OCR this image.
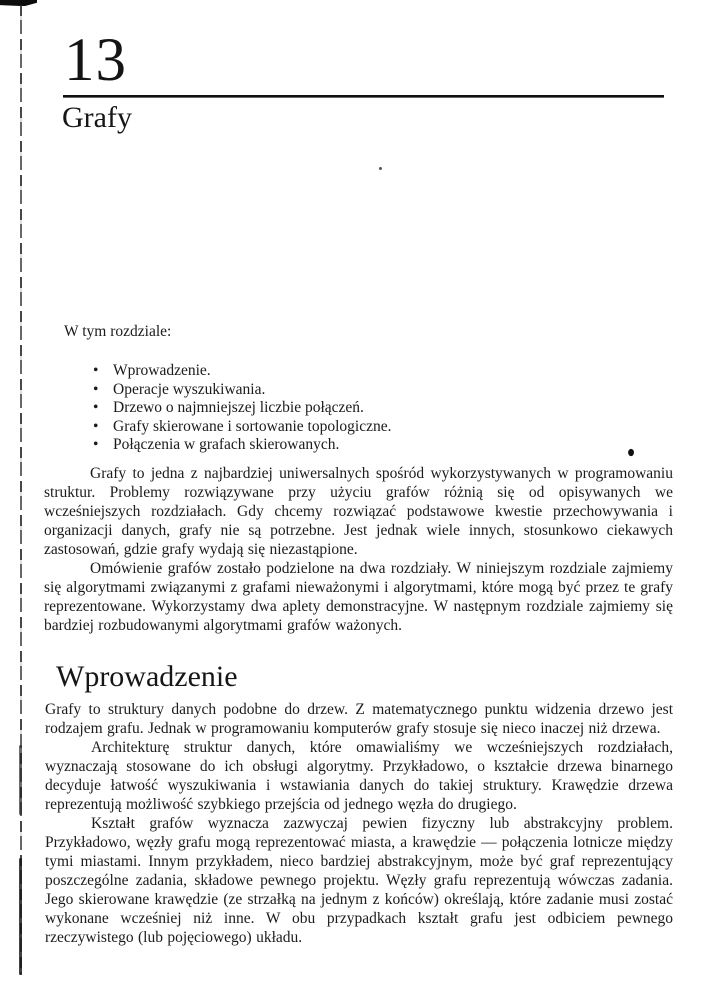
13
Grafy

W tym rozdziale:

• Wprowadzenie.
• Operacje wyszukiwania.
• Drzewo o najmniejszej liczbie połączeń.
• Grafy skierowane i sortowanie topologiczne.
• Połączenia w grafach skierowanych.

Grafy to jedna z najbardziej uniwersalnych spośród wykorzystywanych w programowaniu struktur. Problemy rozwiązywane przy użyciu grafów różnią się od opisywanych we wcześniejszych rozdziałach. Gdy chcemy rozwiązać podstawowe kwestie przechowywania i organizacji danych, grafy nie są potrzebne. Jest jednak wiele innych, stosunkowo ciekawych zastosowań, gdzie grafy wydają się niezastąpione.

Omówienie grafów zostało podzielone na dwa rozdziały. W niniejszym rozdziale zajmiemy się algorytmami związanymi z grafami nieważonymi i algorytmami, które mogą być przez te grafy reprezentowane. Wykorzystamy dwa aplety demonstracyjne. W następnym rozdziale zajmiemy się bardziej rozbudowanymi algorytmami grafów ważonych.

Wprowadzenie

Grafy to struktury danych podobne do drzew. Z matematycznego punktu widzenia drzewo jest rodzajem grafu. Jednak w programowaniu komputerów grafy stosuje się nieco inaczej niż drzewa.

Architekturę struktur danych, które omawialiśmy we wcześniejszych rozdziałach, wyznaczają stosowane do ich obsługi algorytmy. Przykładowo, o kształcie drzewa binarnego decyduje łatwość wyszukiwania i wstawiania danych do takiej struktury. Krawędzie drzewa reprezentują możliwość szybkiego przejścia od jednego węzła do drugiego.

Kształt grafów wyznacza zazwyczaj pewien fizyczny lub abstrakcyjny problem. Przykładowo, węzły grafu mogą reprezentować miasta, a krawędzie — połączenia lotnicze między tymi miastami. Innym przykładem, nieco bardziej abstrakcyjnym, może być graf reprezentujący poszczególne zadania, składowe pewnego projektu. Węzły grafu reprezentują wówczas zadania. Jego skierowane krawędzie (ze strzałką na jednym z końców) określają, które zadanie musi zostać wykonane wcześniej niż inne. W obu przypadkach kształt grafu jest odbiciem pewnego rzeczywistego (lub pojęciowego) układu.
